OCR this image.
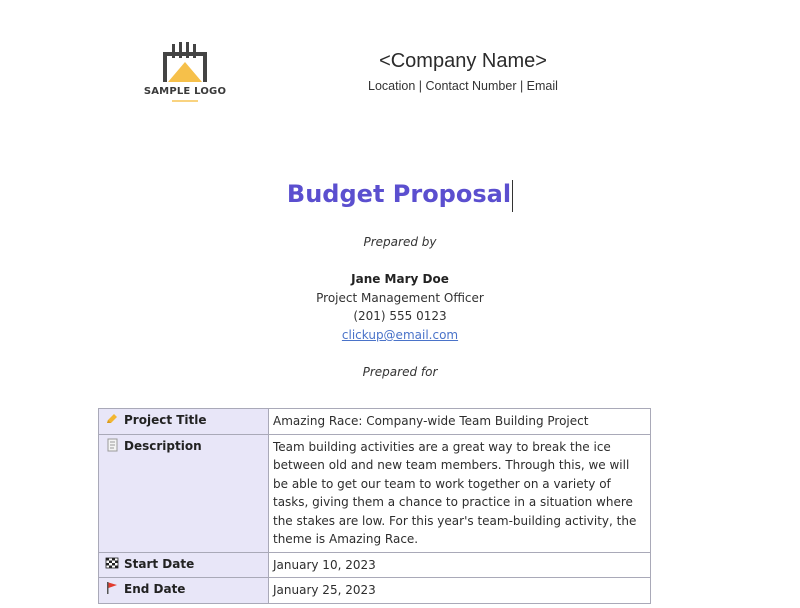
SAMPLE LOGO
<Company Name>
Location | Contact Number | Email
Budget Proposal
Prepared by
Jane Mary Doe
Project Management Officer
(201) 555 0123
clickup@email.com
Prepared for
Project Title	Amazing Race: Company-wide Team Building Project
Description	Team building activities are a great way to break the ice between old and new team members. Through this, we will be able to get our team to work together on a variety of tasks, giving them a chance to practice in a situation where the stakes are low. For this year's team-building activity, the theme is Amazing Race.
Start Date	January 10, 2023
End Date	January 25, 2023
